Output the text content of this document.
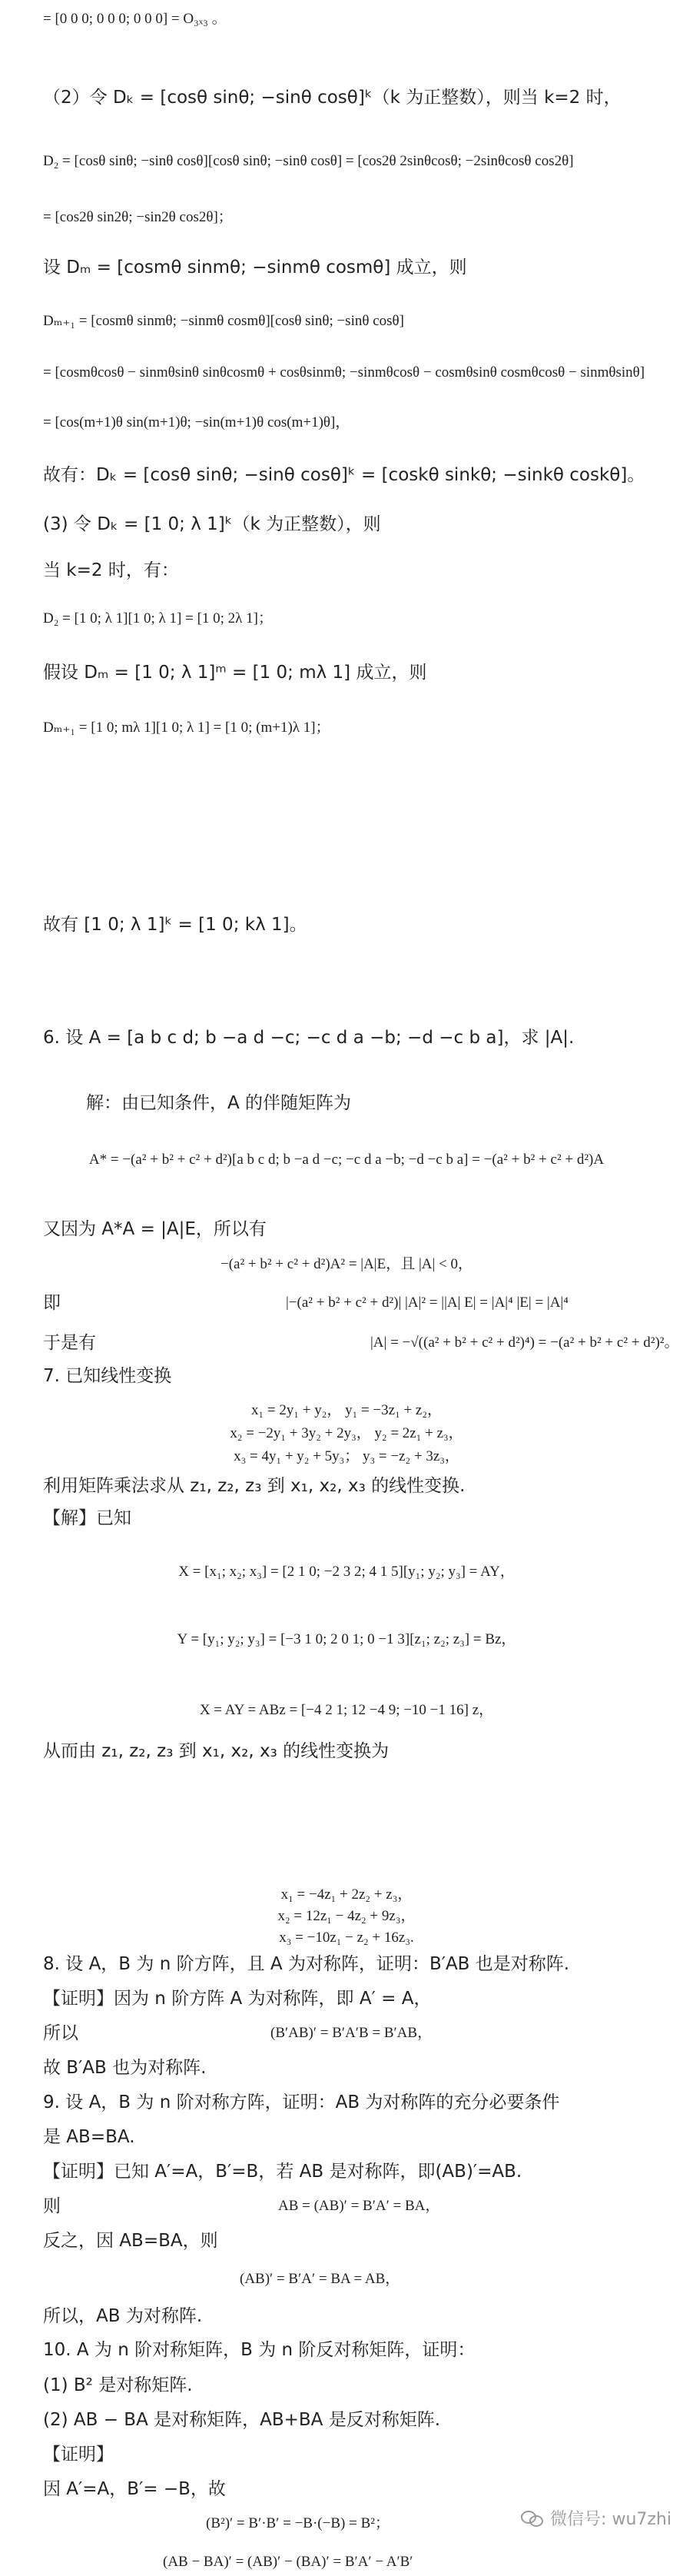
= [0 0 0; 0 0 0; 0 0 0] = O₃ₓ₃ 。
（2）令 Dₖ = [cosθ sinθ; −sinθ cosθ]ᵏ（k 为正整数），则当 k=2 时，
D₂ = [cosθ sinθ; −sinθ cosθ][cosθ sinθ; −sinθ cosθ] = [cos2θ 2sinθcosθ; −2sinθcosθ cos2θ]
= [cos2θ sin2θ; −sin2θ cos2θ]；
设 Dₘ = [cosmθ sinmθ; −sinmθ cosmθ] 成立，则
Dₘ₊₁ = [cosmθ sinmθ; −sinmθ cosmθ][cosθ sinθ; −sinθ cosθ]
= [cosmθcosθ − sinmθsinθ sinθcosmθ + cosθsinmθ; −sinmθcosθ − cosmθsinθ cosmθcosθ − sinmθsinθ]
= [cos(m+1)θ sin(m+1)θ; −sin(m+1)θ cos(m+1)θ]，
故有：Dₖ = [cosθ sinθ; −sinθ cosθ]ᵏ = [coskθ sinkθ; −sinkθ coskθ]。
(3) 令 Dₖ = [1 0; λ 1]ᵏ（k 为正整数），则
当 k=2 时，有：
D₂ = [1 0; λ 1][1 0; λ 1] = [1 0; 2λ 1]；
假设 Dₘ = [1 0; λ 1]ᵐ = [1 0; mλ 1] 成立，则
Dₘ₊₁ = [1 0; mλ 1][1 0; λ 1] = [1 0; (m+1)λ 1]；
故有 [1 0; λ 1]ᵏ = [1 0; kλ 1]。
6. 设 A = [a b c d; b −a d −c; −c d a −b; −d −c b a]，求 |A|.
解：由已知条件，A 的伴随矩阵为
A* = −(a² + b² + c² + d²)[a b c d; b −a d −c; −c d a −b; −d −c b a] = −(a² + b² + c² + d²)A
又因为 A*A = |A|E，所以有
−(a² + b² + c² + d²)A² = |A|E，且 |A| < 0，
即	|−(a² + b² + c² + d²)| |A|² = ||A| E| = |A|⁴ |E| = |A|⁴
于是有	|A| = −√((a² + b² + c² + d²)⁴) = −(a² + b² + c² + d²)²。
7. 已知线性变换
x₁ = 2y₁ + y₂， y₁ = −3z₁ + z₂，
x₂ = −2y₁ + 3y₂ + 2y₃， y₂ = 2z₁ + z₃，
x₃ = 4y₁ + y₂ + 5y₃； y₃ = −z₂ + 3z₃，
利用矩阵乘法求从 z₁, z₂, z₃ 到 x₁, x₂, x₃ 的线性变换.
【解】已知
X = [x₁; x₂; x₃] = [2 1 0; −2 3 2; 4 1 5][y₁; y₂; y₃] = AY，
Y = [y₁; y₂; y₃] = [−3 1 0; 2 0 1; 0 −1 3][z₁; z₂; z₃] = Bz，
X = AY = ABz = [−4 2 1; 12 −4 9; −10 −1 16] z，
从而由 z₁, z₂, z₃ 到 x₁, x₂, x₃ 的线性变换为
x₁ = −4z₁ + 2z₂ + z₃，
x₂ = 12z₁ − 4z₂ + 9z₃，
x₃ = −10z₁ − z₂ + 16z₃.
8. 设 A，B 为 n 阶方阵，且 A 为对称阵，证明：B′AB 也是对称阵.
【证明】因为 n 阶方阵 A 为对称阵，即 A′ = A，
所以	(B′AB)′ = B′A′B = B′AB，
故 B′AB 也为对称阵.
9. 设 A，B 为 n 阶对称方阵，证明：AB 为对称阵的充分必要条件
是 AB=BA.
【证明】已知 A′=A，B′=B，若 AB 是对称阵，即(AB)′=AB.
则	AB = (AB)′ = B′A′ = BA，
反之，因 AB=BA，则
(AB)′ = B′A′ = BA = AB，
所以，AB 为对称阵.
10. A 为 n 阶对称矩阵，B 为 n 阶反对称矩阵，证明：
(1) B² 是对称矩阵.
(2) AB − BA 是对称矩阵，AB+BA 是反对称矩阵.
【证明】
因 A′=A，B′= −B，故
(B²)′ = B′·B′ = −B·(−B) = B²；
(AB − BA)′ = (AB)′ − (BA)′ = B′A′ − A′B′
微信号: wu7zhi
